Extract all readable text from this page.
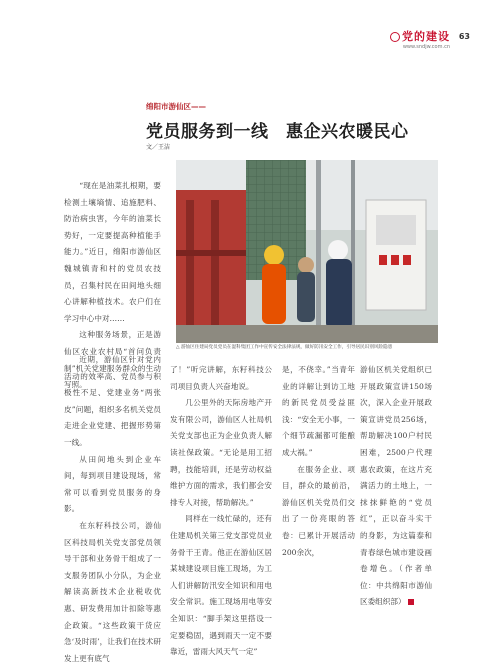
党的建设
www.sndjw.com.cn
63
绵阳市游仙区——
党员服务到一线　惠企兴农暖民心
文／王洁
△ 游仙区住建局党员党员在湿科集团工作中宣传安全法律法规，做好防汛安全工作，引导居民识别风险隐患

“现在是油菜扎根期，要检测土壤墒情、追施肥料、防治病虫害，今年的油菜长势好，一定要提高种植能手能力。”近日，绵阳市游仙区魏城镇青和村的党员农技员，召集村民在田间地头细心讲解种植技术。农户们在学习中心中对……

这种服务场景，正是游仙区农业农村局“首问负责制”机关党建服务群众的生动写照。

近期，游仙区针对党内活动的效率高、党员参与积极性不足、党建业务“两张皮”问题，组织多名机关党员走进企业党建、把握形势第一线。

从田间地头到企业车间，每到项目建设现场，常常可以看到党员服务的身影。

在东籽科技公司，游仙区科技局机关党支部党员领导干部和业务骨干组成了一支服务团队小分队，为企业解读高新技术企业税收优惠、研发费用加计扣除等惠企政策。“这些政策干货应急‘及时雨’，让我们在技术研发上更有底气

了！”听完讲解，东籽科技公司项目负责人兴奋地说。

几公里外的天际房地产开发有限公司，游仙区人社局机关党支部也正为企业负责人解读社保政策。“无论是用工招聘，技能培训，还是劳动权益维护方面的需求，我们都会安排专人对接，帮助解决。”

同样在一线忙碌的，还有住建局机关第三党支部党员业务骨干王青。他正在游仙区居某城建设项目施工现场，为工人们讲解防汛安全知识和用电安全常识。施工现场用电等安全知识：“脚手架这里搭设一定要稳固，遇到雨天一定不要靠近，雷雨大风天气一定”

是，不侥幸。”当青年业的详解让到访工地的新民党员受益匪浅：“安全无小事，一个细节疏漏都可能酿成大祸。”

在服务企业、项目，群众的最前沿，游仙区机关党员们交出了一份亮眼的答卷：已累计开展活动200余次，

游仙区机关党组织已开展政策宣讲150场次，深入企业开展政策宣讲党员256场，帮助解决100户村民困难，2500户代理惠农政策，在这片充满活力的土地上，一抹抹鲜艳的“党员红”，正以奋斗实干的身影，为这篇泰和青春绿色城市建设画卷增色。（作者单位：中共绵阳市游仙区委组织部）
